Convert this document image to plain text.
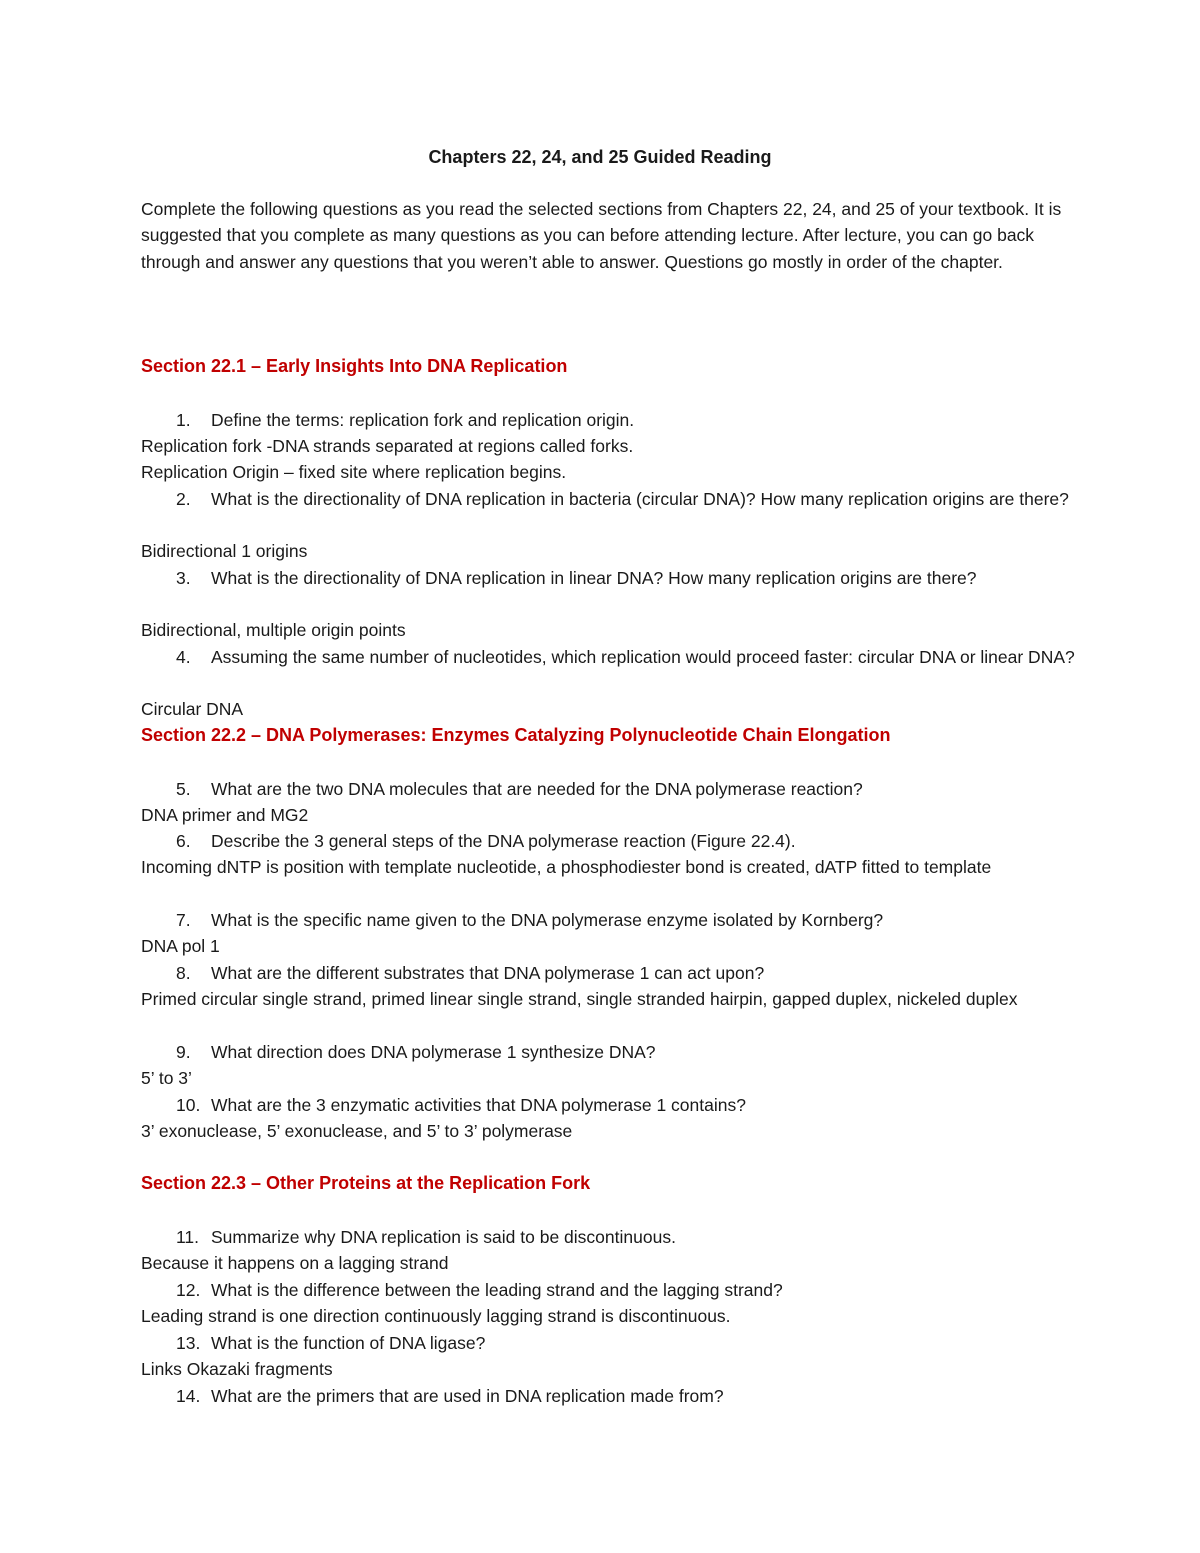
Chapters 22, 24, and 25 Guided Reading
Complete the following questions as you read the selected sections from Chapters 22, 24, and 25 of your textbook. It is suggested that you complete as many questions as you can before attending lecture. After lecture, you can go back through and answer any questions that you weren’t able to answer. Questions go mostly in order of the chapter.
Section 22.1 – Early Insights Into DNA Replication
1.	Define the terms: replication fork and replication origin.
Replication fork -DNA strands separated at regions called forks.
Replication Origin – fixed site where replication begins.
2.	What is the directionality of DNA replication in bacteria (circular DNA)? How many replication origins are there?
Bidirectional 1 origins
3.	What is the directionality of DNA replication in linear DNA? How many replication origins are there?
Bidirectional, multiple origin points
4.	Assuming the same number of nucleotides, which replication would proceed faster: circular DNA or linear DNA?
Circular DNA
Section 22.2 – DNA Polymerases: Enzymes Catalyzing Polynucleotide Chain Elongation
5.	What are the two DNA molecules that are needed for the DNA polymerase reaction?
DNA primer and MG2
6.	Describe the 3 general steps of the DNA polymerase reaction (Figure 22.4).
Incoming dNTP is position with template nucleotide, a phosphodiester bond is created, dATP fitted to template
7.	What is the specific name given to the DNA polymerase enzyme isolated by Kornberg?
DNA pol 1
8.	What are the different substrates that DNA polymerase 1 can act upon?
Primed circular single strand, primed linear single strand, single stranded hairpin, gapped duplex, nickeled duplex
9.	What direction does DNA polymerase 1 synthesize DNA?
5’ to 3’
10. What are the 3 enzymatic activities that DNA polymerase 1 contains?
3’ exonuclease, 5’ exonuclease, and 5’ to 3’ polymerase
Section 22.3 – Other Proteins at the Replication Fork
11. Summarize why DNA replication is said to be discontinuous.
Because it happens on a lagging strand
12. What is the difference between the leading strand and the lagging strand?
Leading strand is one direction continuously lagging strand is discontinuous.
13. What is the function of DNA ligase?
Links Okazaki fragments
14. What are the primers that are used in DNA replication made from?
